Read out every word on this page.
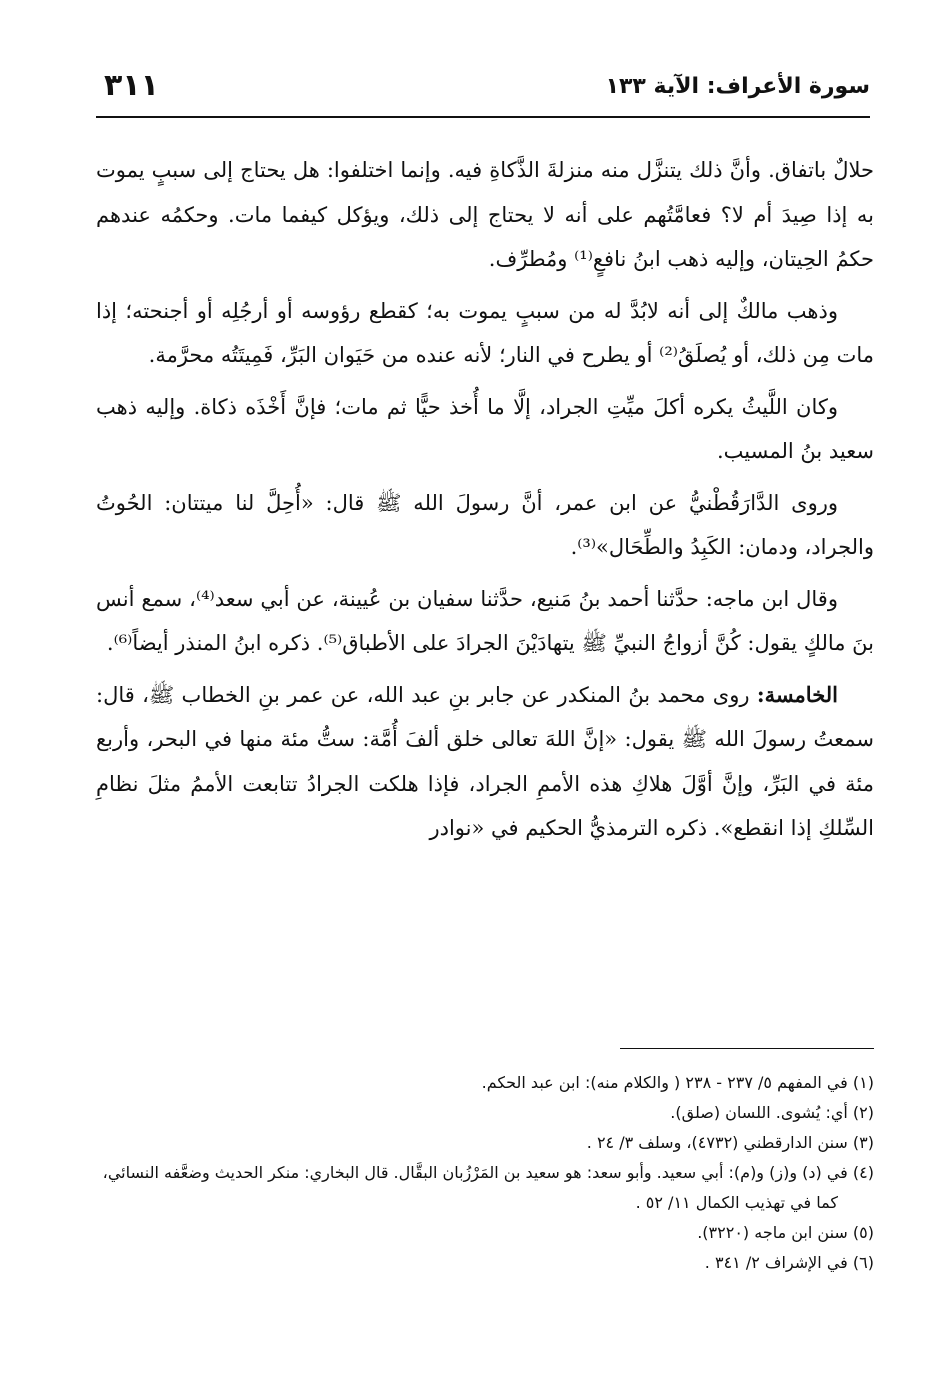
سورة الأعراف: الآية ١٣٣
٣١١

حلالٌ باتفاق. وأنَّ ذلك يتنزَّل منه منزلةَ الذَّكاةِ فيه. وإنما اختلفوا: هل يحتاج إلى سببٍ يموت به إذا صِيدَ أم لا؟ فعامَّتُهم على أنه لا يحتاج إلى ذلك، ويؤكل كيفما مات. وحكمُه عندهم حكمُ الحِيتان، وإليه ذهب ابنُ نافعٍ⁽¹⁾ ومُطرِّف.

وذهب مالكٌ إلى أنه لابُدَّ له من سببٍ يموت به؛ كقطع رؤوسه أو أرجُلِه أو أجنحته؛ إذا مات مِن ذلك، أو يُصلَقُ⁽²⁾ أو يطرح في النار؛ لأنه عنده من حَيَوان البَرِّ، فَمِيتَتُه محرَّمة.

وكان اللَّيثُ يكره أكلَ ميِّتِ الجراد، إلَّا ما أُخذ حيًّا ثم مات؛ فإنَّ أَخْذَه ذكاة. وإليه ذهب سعيد بنُ المسيب.

وروى الدَّارَقُطْنيُّ عن ابن عمر، أنَّ رسولَ الله ﷺ قال: «أُحِلَّ لنا ميتتان: الحُوتُ والجراد، ودمان: الكَبِدُ والطِّحَال»⁽³⁾.

وقال ابن ماجه: حدَّثنا أحمد بنُ مَنيع، حدَّثنا سفيان بن عُيينة، عن أبي سعد⁽⁴⁾، سمع أنس بنَ مالكٍ يقول: كُنَّ أزواجُ النبيِّ ﷺ يتهادَيْنَ الجرادَ على الأطباق⁽⁵⁾. ذكره ابنُ المنذر أيضاً⁽⁶⁾.

الخامسة: روى محمد بنُ المنكدر عن جابر بنِ عبد الله، عن عمر بنِ الخطاب ﷺ، قال: سمعتُ رسولَ الله ﷺ يقول: «إنَّ اللهَ تعالى خلق ألفَ أُمَّة: ستُّ مئة منها في البحر، وأربع مئة في البَرِّ، وإنَّ أوَّلَ هلاكِ هذه الأممِ الجراد، فإذا هلكت الجرادُ تتابعت الأممُ مثلَ نظامِ السِّلكِ إذا انقطع». ذكره الترمذيُّ الحكيم في «نوادر

(١) في المفهم ٥/ ٢٣٧ - ٢٣٨ ( والكلام منه): ابن عبد الحكم.

(٢) أي: يُشوى. اللسان (صلق).

(٣) سنن الدارقطني (٤٧٣٢)، وسلف ٣/ ٢٤ .

(٤) في (د) و(ز) و(م): أبي سعيد. وأبو سعد: هو سعيد بن المَرْزُبان البقَّال. قال البخاري: منكر الحديث وضعَّفه النسائي، كما في تهذيب الكمال ١١/ ٥٢ .

(٥) سنن ابن ماجه (٣٢٢٠).

(٦) في الإشراف ٢/ ٣٤١ .
